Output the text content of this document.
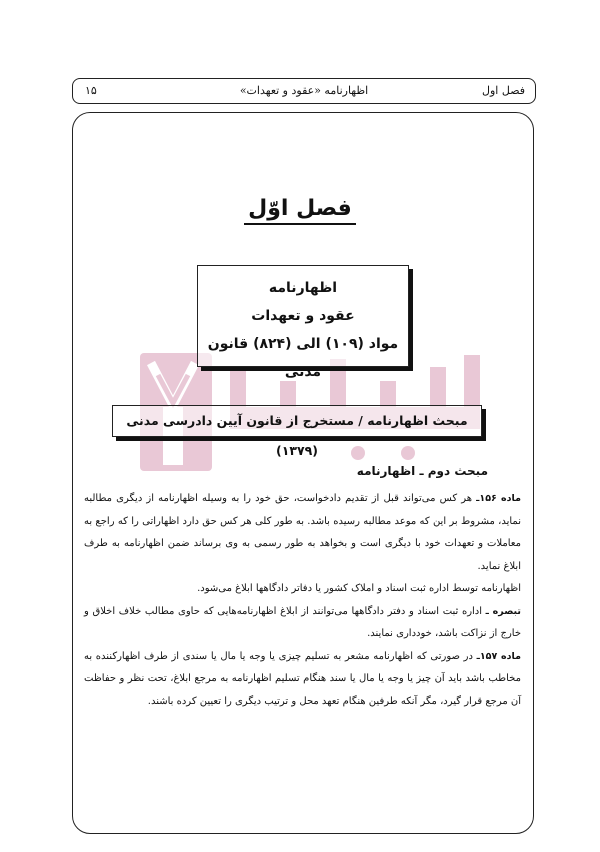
فصل اول
اظهارنامه «عقود و تعهدات»
۱۵
فصل اوّل
اظهارنامه
عقود و تعهدات
مواد (۱۰۹) الی (۸۲۴) قانون مدنی
مبحث اظهارنامه / مستخرج از قانون آیین دادرسی مدنی (۱۳۷۹)
مبحث دوم ـ اظهارنامه

ماده ۱۵۶ـ هر کس می‌تواند قبل از تقدیم دادخواست، حق خود را به وسیله اظهارنامه از دیگری مطالبه نماید، مشروط بر این که موعد مطالبه رسیده باشد. به طور کلی هر کس حق دارد اظهاراتی را که راجع به معاملات و تعهدات خود با دیگری است و بخواهد به طور رسمی به وی برساند ضمن اظهارنامه به طرف ابلاغ نماید.

اظهارنامه توسط اداره ثبت اسناد و املاک کشور یا دفاتر دادگاهها ابلاغ می‌شود.

تبصره ـ اداره ثبت اسناد و دفتر دادگاهها می‌توانند از ابلاغ اظهارنامه‌هایی که حاوی مطالب خلاف اخلاق و خارج از نزاکت باشد، خودداری نمایند.

ماده ۱۵۷ـ در صورتی که اظهارنامه مشعر به تسلیم چیزی یا وجه یا مال یا سندی از طرف اظهارکننده به مخاطب باشد باید آن چیز یا وجه یا مال یا سند هنگام تسلیم اظهارنامه به مرجع ابلاغ، تحت نظر و حفاظت آن مرجع قرار گیرد، مگر آنکه طرفین هنگام تعهد محل و ترتیب دیگری را تعیین کرده باشند.
